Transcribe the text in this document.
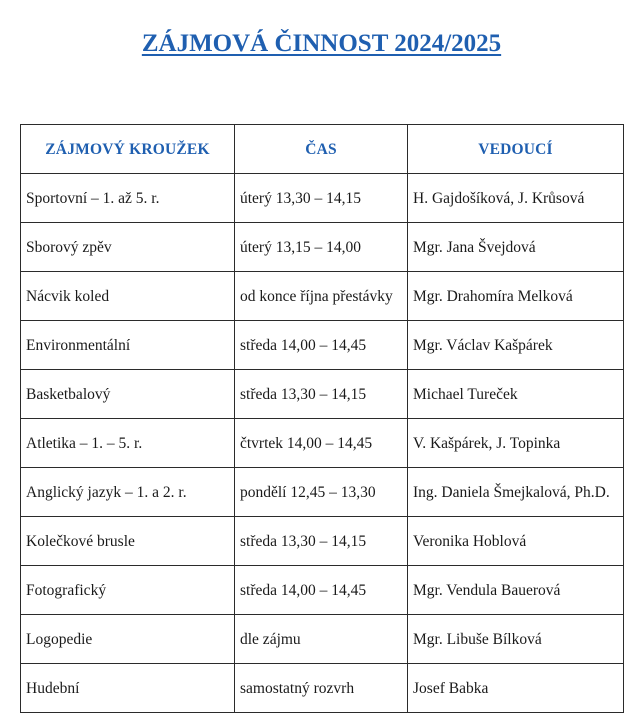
ZÁJMOVÁ ČINNOST 2024/2025
ZÁJMOVÝ KROUŽEK	ČAS	VEDOUCÍ
Sportovní – 1. až 5. r.	úterý 13,30 – 14,15	H. Gajdošíková, J. Krůsová
Sborový zpěv	úterý 13,15 – 14,00	Mgr. Jana Švejdová
Nácvik koled	od konce října přestávky	Mgr. Drahomíra Melková
Environmentální	středa 14,00 – 14,45	Mgr. Václav Kašpárek
Basketbalový	středa 13,30 – 14,15	Michael Tureček
Atletika – 1. – 5. r.	čtvrtek 14,00 – 14,45	V. Kašpárek, J. Topinka
Anglický jazyk – 1. a 2. r.	pondělí 12,45 – 13,30	Ing. Daniela Šmejkalová, Ph.D.
Kolečkové brusle	středa 13,30 – 14,15	Veronika Hoblová
Fotografický	středa 14,00 – 14,45	Mgr. Vendula Bauerová
Logopedie	dle zájmu	Mgr. Libuše Bílková
Hudební	samostatný rozvrh	Josef Babka
